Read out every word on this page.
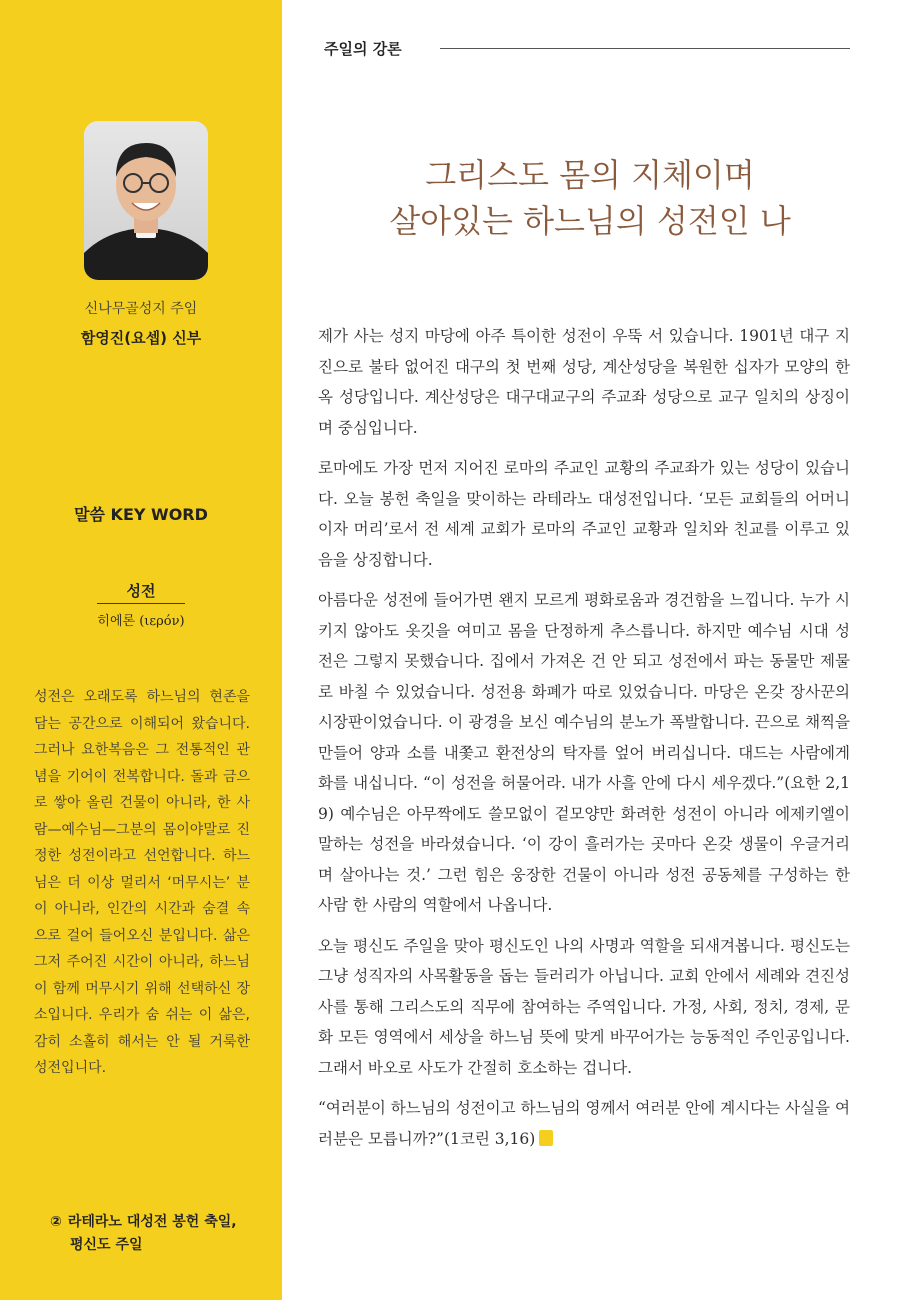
신나무골성지 주임
함영진(요셉) 신부
말씀 KEY WORD
성전
히에론 (ιερόν)
성전은 오래도록 하느님의 현존을 담는 공간으로 이해되어 왔습니다. 그러나 요한복음은 그 전통적인 관념을 기어이 전복합니다. 돌과 금으로 쌓아 올린 건물이 아니라, 한 사람—예수님—그분의 몸이야말로 진정한 성전이라고 선언합니다. 하느님은 더 이상 멀리서 ‘머무시는’ 분이 아니라, 인간의 시간과 숨결 속으로 걸어 들어오신 분입니다. 삶은 그저 주어진 시간이 아니라, 하느님이 함께 머무시기 위해 선택하신 장소입니다. 우리가 숨 쉬는 이 삶은, 감히 소홀히 해서는 안 될 거룩한 성전입니다.
② 라테라노 대성전 봉헌 축일,
평신도 주일
주일의 강론
그리스도 몸의 지체이며
살아있는 하느님의 성전인 나

제가 사는 성지 마당에 아주 특이한 성전이 우뚝 서 있습니다. 1901년 대구 지진으로 불타 없어진 대구의 첫 번째 성당, 계산성당을 복원한 십자가 모양의 한옥 성당입니다. 계산성당은 대구대교구의 주교좌 성당으로 교구 일치의 상징이며 중심입니다.

로마에도 가장 먼저 지어진 로마의 주교인 교황의 주교좌가 있는 성당이 있습니다. 오늘 봉헌 축일을 맞이하는 라테라노 대성전입니다. ‘모든 교회들의 어머니이자 머리’로서 전 세계 교회가 로마의 주교인 교황과 일치와 친교를 이루고 있음을 상징합니다.

아름다운 성전에 들어가면 왠지 모르게 평화로움과 경건함을 느낍니다. 누가 시키지 않아도 옷깃을 여미고 몸을 단정하게 추스릅니다. 하지만 예수님 시대 성전은 그렇지 못했습니다. 집에서 가져온 건 안 되고 성전에서 파는 동물만 제물로 바칠 수 있었습니다. 성전용 화폐가 따로 있었습니다. 마당은 온갖 장사꾼의 시장판이었습니다. 이 광경을 보신 예수님의 분노가 폭발합니다. 끈으로 채찍을 만들어 양과 소를 내쫓고 환전상의 탁자를 엎어 버리십니다. 대드는 사람에게 화를 내십니다. “이 성전을 허물어라. 내가 사흘 안에 다시 세우겠다.”(요한 2,19) 예수님은 아무짝에도 쓸모없이 겉모양만 화려한 성전이 아니라 에제키엘이 말하는 성전을 바라셨습니다. ‘이 강이 흘러가는 곳마다 온갖 생물이 우글거리며 살아나는 것.’ 그런 힘은 웅장한 건물이 아니라 성전 공동체를 구성하는 한 사람 한 사람의 역할에서 나옵니다.

오늘 평신도 주일을 맞아 평신도인 나의 사명과 역할을 되새겨봅니다. 평신도는 그냥 성직자의 사목활동을 돕는 들러리가 아닙니다. 교회 안에서 세례와 견진성사를 통해 그리스도의 직무에 참여하는 주역입니다. 가정, 사회, 정치, 경제, 문화 모든 영역에서 세상을 하느님 뜻에 맞게 바꾸어가는 능동적인 주인공입니다. 그래서 바오로 사도가 간절히 호소하는 겁니다.

“여러분이 하느님의 성전이고 하느님의 영께서 여러분 안에 계시다는 사실을 여러분은 모릅니까?”(1코린 3,16)
